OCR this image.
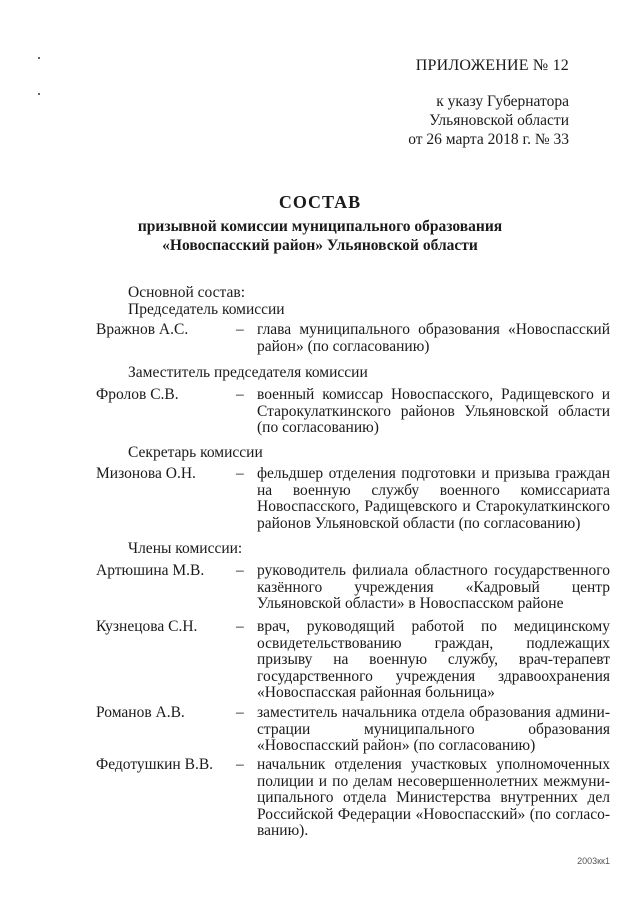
ПРИЛОЖЕНИЕ № 12
к указу Губернатора
Ульяновской области
от 26 марта 2018 г. № 33
СОСТАВ
призывной комиссии муниципального образования
«Новоспасский район» Ульяновской области
Основной состав:
Председатель комиссии
Вражнов А.С.	– глава муниципального образования «Новоспасский район» (по согласованию)
Заместитель председателя комиссии
Фролов С.В.	– военный комиссар Новоспасского, Радищевского и Старокулаткинского районов Ульяновской области (по согласованию)
Секретарь комиссии
Мизонова О.Н.	– фельдшер отделения подготовки и призыва граждан на военную службу военного комиссариата Новоспасского, Радищевского и Старокулаткинского районов Ульяновской области (по согласованию)
Члены комиссии:
Артюшина М.В. – руководитель филиала областного государственного казённого учреждения «Кадровый центр Ульяновской области» в Новоспасском районе
Кузнецова С.Н. – врач, руководящий работой по медицинскому освидетельствованию граждан, подлежащих призыву на военную службу, врач-терапевт государственного учреждения здравоохранения «Новоспасская районная больница»
Романов А.В.	– заместитель начальника отдела образования администрации муниципального образования «Новоспасский район» (по согласованию)
Федотушкин В.В. – начальник отделения участковых уполномоченных полиции и по делам несовершеннолетних межмуниципального отдела Министерства внутренних дел Российской Федерации «Новоспасский» (по согласованию).
2003кк1
